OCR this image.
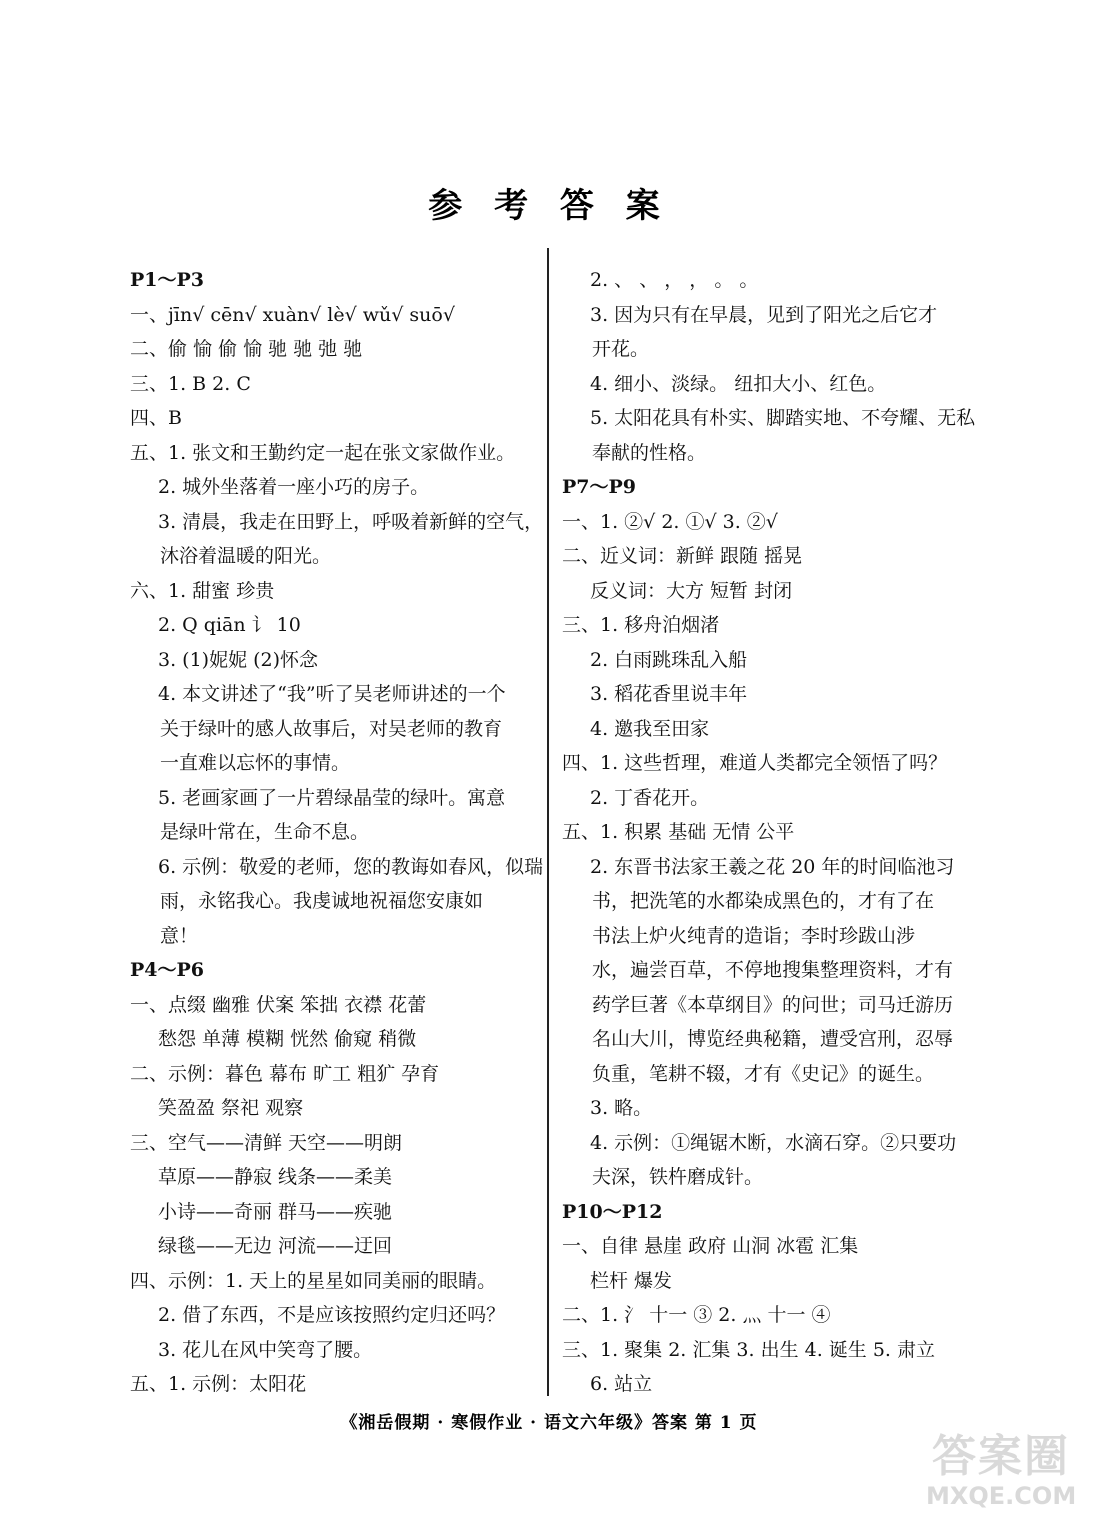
参 考 答 案
P1～P3
一、jīn√ cēn√ xuàn√ lè√ wǔ√ suō√
二、偷 愉 偷 愉 驰 驰 弛 驰
三、1. B 2. C
四、B
五、1. 张文和王勤约定一起在张文家做作业。
2. 城外坐落着一座小巧的房子。
3. 清晨，我走在田野上，呼吸着新鲜的空气，
沐浴着温暖的阳光。
六、1. 甜蜜 珍贵
2. Q qiān 讠 10
3. (1)妮妮 (2)怀念
4. 本文讲述了“我”听了吴老师讲述的一个
关于绿叶的感人故事后，对吴老师的教育
一直难以忘怀的事情。
5. 老画家画了一片碧绿晶莹的绿叶。寓意
是绿叶常在，生命不息。
6. 示例：敬爱的老师，您的教诲如春风，似瑞
雨，永铭我心。我虔诚地祝福您安康如
意！
P4～P6
一、点缀 幽雅 伏案 笨拙 衣襟 花蕾
愁怨 单薄 模糊 恍然 偷窥 稍微
二、示例：暮色 幕布 旷工 粗犷 孕育
笑盈盈 祭祀 观察
三、空气——清鲜 天空——明朗
草原——静寂 线条——柔美
小诗——奇丽 群马——疾驰
绿毯——无边 河流——迂回
四、示例：1. 天上的星星如同美丽的眼睛。
2. 借了东西，不是应该按照约定归还吗？
3. 花儿在风中笑弯了腰。
五、1. 示例：太阳花
2. 、 、 ， ， 。 。
3. 因为只有在早晨，见到了阳光之后它才
开花。
4. 细小、淡绿。 纽扣大小、红色。
5. 太阳花具有朴实、脚踏实地、不夸耀、无私
奉献的性格。
P7～P9
一、1. ②√ 2. ①√ 3. ②√
二、近义词：新鲜 跟随 摇晃
反义词：大方 短暂 封闭
三、1. 移舟泊烟渚
2. 白雨跳珠乱入船
3. 稻花香里说丰年
4. 邀我至田家
四、1. 这些哲理，难道人类都完全领悟了吗？
2. 丁香花开。
五、1. 积累 基础 无情 公平
2. 东晋书法家王羲之花 20 年的时间临池习
书，把洗笔的水都染成黑色的，才有了在
书法上炉火纯青的造诣；李时珍跋山涉
水，遍尝百草，不停地搜集整理资料，才有
药学巨著《本草纲目》的问世；司马迁游历
名山大川，博览经典秘籍，遭受宫刑，忍辱
负重，笔耕不辍，才有《史记》的诞生。
3. 略。
4. 示例：①绳锯木断，水滴石穿。②只要功
夫深，铁杵磨成针。
P10～P12
一、自律 悬崖 政府 山洞 冰雹 汇集
栏杆 爆发
二、1. 氵 十一 ③ 2. 灬 十一 ④
三、1. 聚集 2. 汇集 3. 出生 4. 诞生 5. 肃立
6. 站立
《湘岳假期 · 寒假作业 · 语文六年级》答案 第 1 页
答案圈
MXQE.COM
